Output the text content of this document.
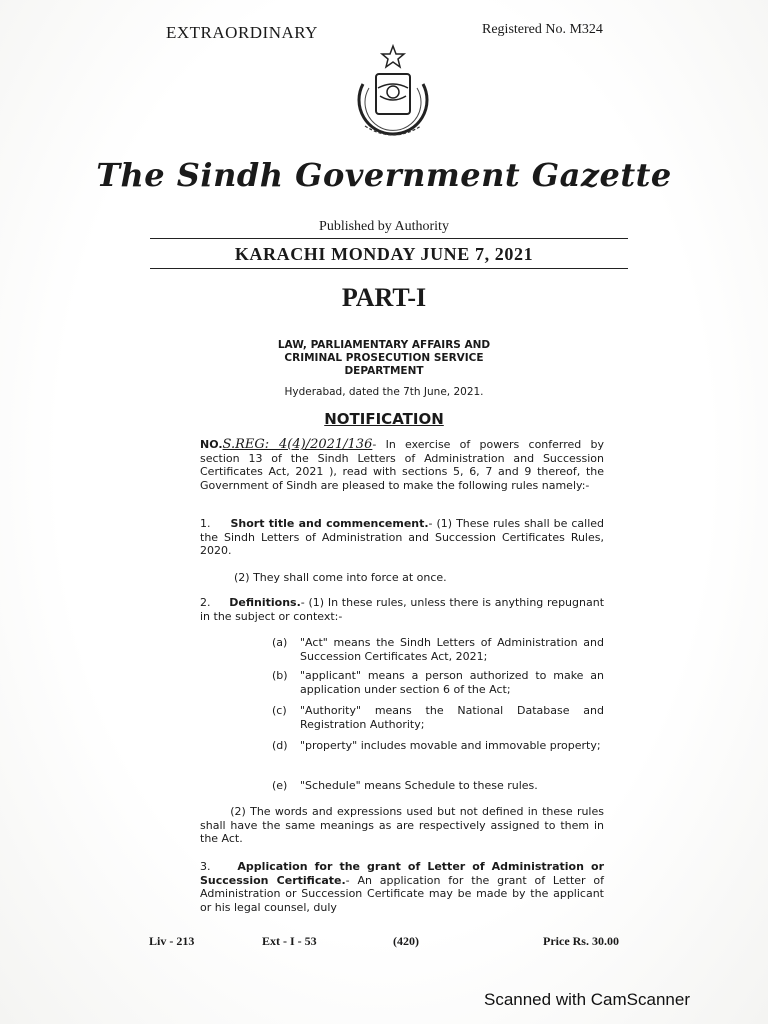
EXTRAORDINARY	Registered No. M324
The Sindh Government Gazette
Published by Authority
KARACHI MONDAY JUNE 7, 2021
PART-I
LAW, PARLIAMENTARY AFFAIRS AND
CRIMINAL PROSECUTION SERVICE
DEPARTMENT
Hyderabad, dated the 7th June, 2021.
NOTIFICATION
NO.S.REG: 4(4)/2021/136- In exercise of powers conferred by section 13 of the Sindh Letters of Administration and Succession Certificates Act, 2021 ), read with sections 5, 6, 7 and 9 thereof, the Government of Sindh are pleased to make the following rules namely:-
1. Short title and commencement.- (1) These rules shall be called the Sindh Letters of Administration and Succession Certificates Rules, 2020.
(2) They shall come into force at once.
2. Definitions.- (1) In these rules, unless there is anything repugnant in the subject or context:-
(a)	"Act" means the Sindh Letters of Administration and Succession Certificates Act, 2021;
(b)	"applicant" means a person authorized to make an application under section 6 of the Act;
(c)	"Authority" means the National Database and Registration Authority;
(d)	"property" includes movable and immovable property;
(e)	"Schedule" means Schedule to these rules.
(2) The words and expressions used but not defined in these rules shall have the same meanings as are respectively assigned to them in the Act.
3. Application for the grant of Letter of Administration or Succession Certificate.- An application for the grant of Letter of Administration or Succession Certificate may be made by the applicant or his legal counsel, duly
Liv - 213	Ext - I - 53	(420)	Price Rs. 30.00
Scanned with CamScanner
